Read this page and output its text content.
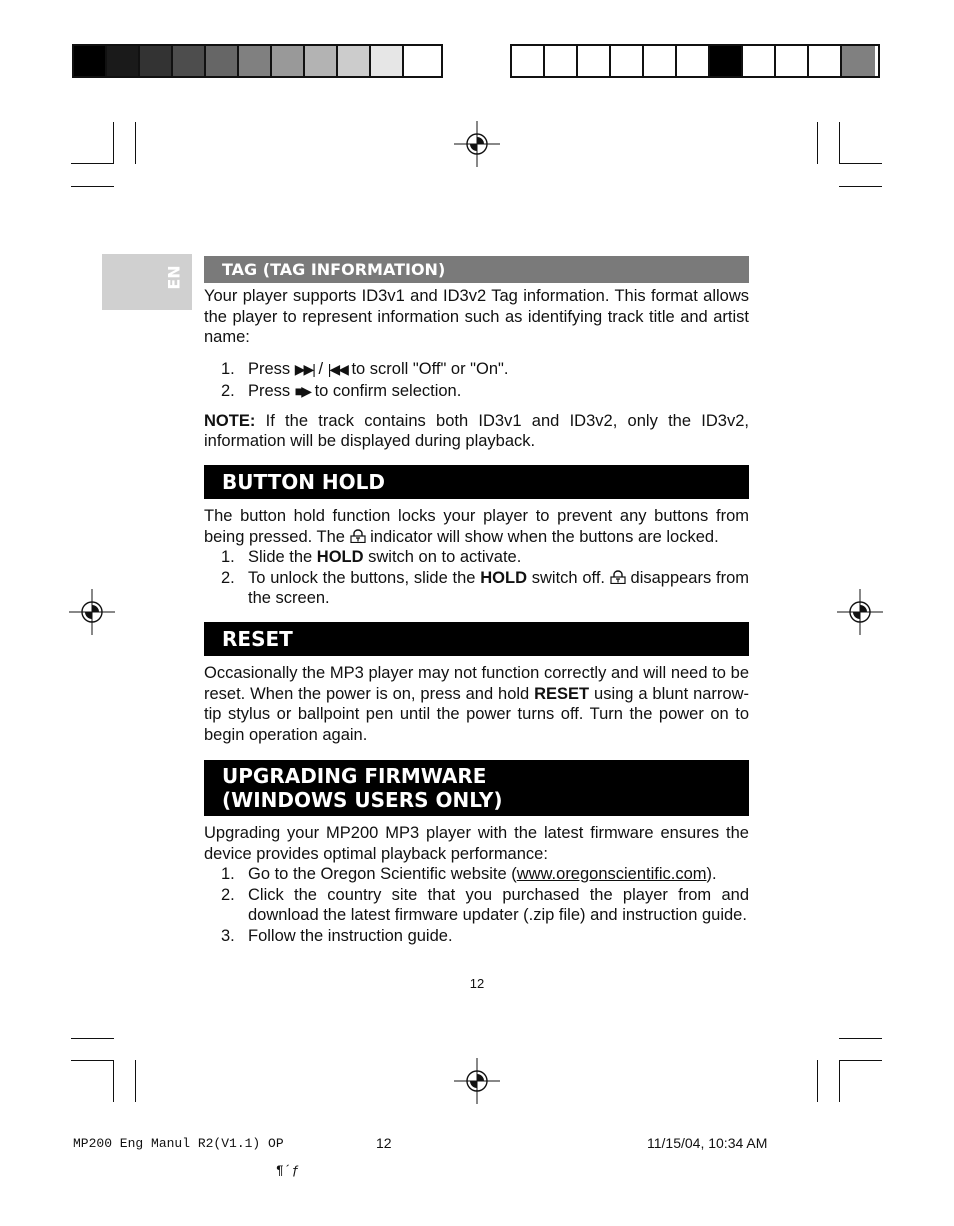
EN	TAG (TAG INFORMATION)

Your player supports ID3v1 and ID3v2 Tag information. This format allows the player to represent information such as identifying track title and artist name:

1. Press ▶▶| / |◀◀ to scroll "Off" or "On".
2. Press ■▶ to confirm selection.

NOTE: If the track contains both ID3v1 and ID3v2, only the ID3v2, information will be displayed during playback.

BUTTON HOLD

The button hold function locks your player to prevent any buttons from being pressed. The  indicator will show when the buttons are locked.

1. Slide the HOLD switch on to activate.
2. To unlock the buttons, slide the HOLD switch off.  disappears from the screen.
RESET

Occasionally the MP3 player may not function correctly and will need to be reset. When the power is on, press and hold RESET using a blunt narrow-tip stylus or ballpoint pen until the power turns off. Turn the power on to begin operation again.

UPGRADING FIRMWARE
(WINDOWS USERS ONLY)

Upgrading your MP200 MP3 player with the latest firmware ensures the device provides optimal playback performance:

1. Go to the Oregon Scientific website (www.oregonscientific.com).
2. Click the country site that you purchased the player from and download the latest firmware updater (.zip file) and instruction guide.
3. Follow the instruction guide.
12
MP200 Eng Manul R2(V1.1) OP	12	11/15/04, 10:34 AM
¶´ƒ
